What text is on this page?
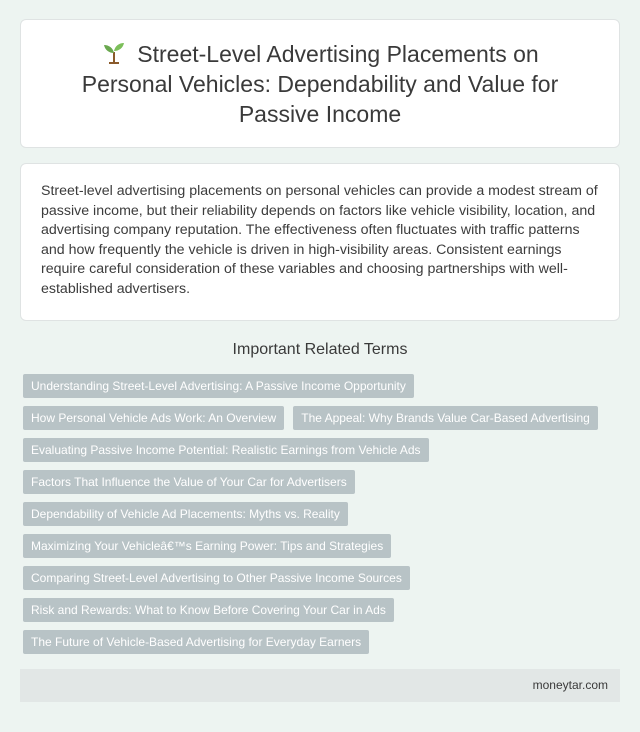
Street-Level Advertising Placements on Personal Vehicles: Dependability and Value for Passive Income

Street-level advertising placements on personal vehicles can provide a modest stream of passive income, but their reliability depends on factors like vehicle visibility, location, and advertising company reputation. The effectiveness often fluctuates with traffic patterns and how frequently the vehicle is driven in high-visibility areas. Consistent earnings require careful consideration of these variables and choosing partnerships with well-established advertisers.

Important Related Terms
Understanding Street-Level Advertising: A Passive Income Opportunity
How Personal Vehicle Ads Work: An Overview	The Appeal: Why Brands Value Car-Based Advertising
Evaluating Passive Income Potential: Realistic Earnings from Vehicle Ads
Factors That Influence the Value of Your Car for Advertisers
Dependability of Vehicle Ad Placements: Myths vs. Reality
Maximizing Your Vehicleâ€™s Earning Power: Tips and Strategies
Comparing Street-Level Advertising to Other Passive Income Sources
Risk and Rewards: What to Know Before Covering Your Car in Ads
The Future of Vehicle-Based Advertising for Everyday Earners
moneytar.com
